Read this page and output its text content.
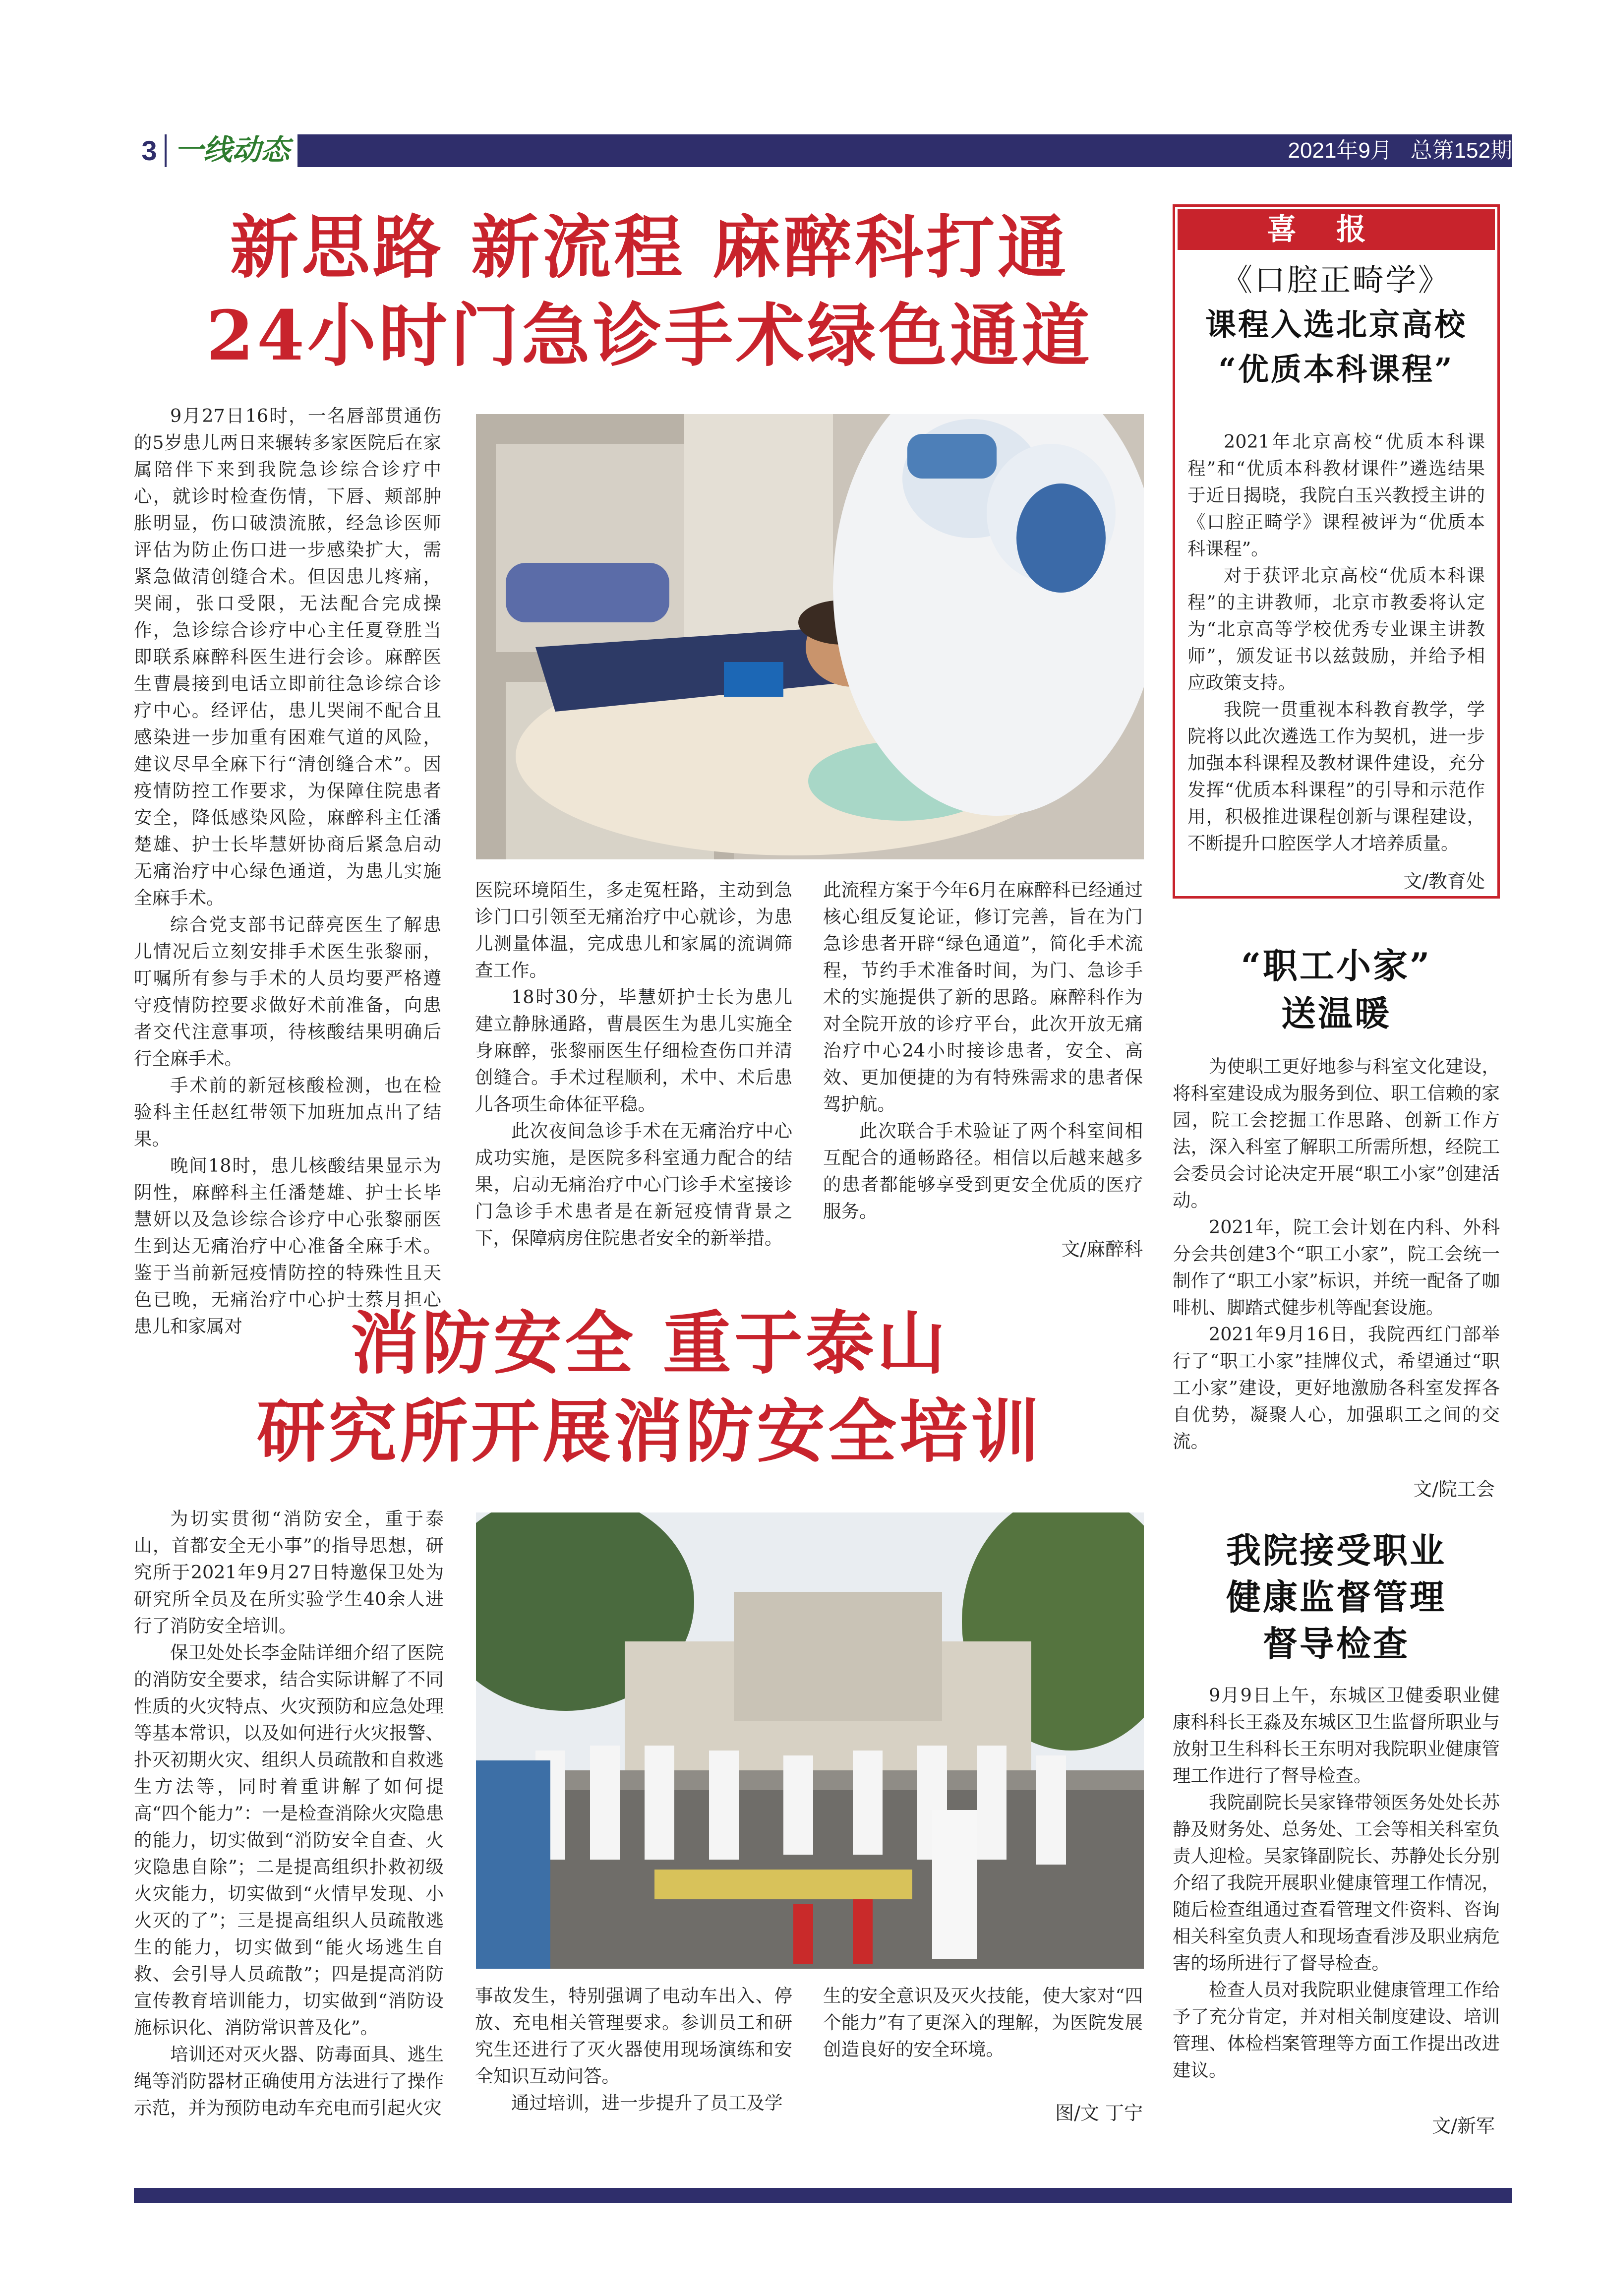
3 一线动态	2021年9月   总第152期
新思路 新流程 麻醉科打通
24小时门急诊手术绿色通道

9月27日16时，一名唇部贯通伤的5岁患儿两日来辗转多家医院后在家属陪伴下来到我院急诊综合诊疗中心，就诊时检查伤情，下唇、颊部肿胀明显，伤口破溃流脓，经急诊医师评估为防止伤口进一步感染扩大，需紧急做清创缝合术。但因患儿疼痛，哭闹，张口受限，无法配合完成操作，急诊综合诊疗中心主任夏登胜当即联系麻醉科医生进行会诊。麻醉医生曹晨接到电话立即前往急诊综合诊疗中心。经评估，患儿哭闹不配合且感染进一步加重有困难气道的风险，建议尽早全麻下行“清创缝合术”。因疫情防控工作要求，为保障住院患者安全，降低感染风险，麻醉科主任潘楚雄、护士长毕慧妍协商后紧急启动无痛治疗中心绿色通道，为患儿实施全麻手术。

综合党支部书记薛亮医生了解患儿情况后立刻安排手术医生张黎丽，叮嘱所有参与手术的人员均要严格遵守疫情防控要求做好术前准备，向患者交代注意事项，待核酸结果明确后行全麻手术。

手术前的新冠核酸检测，也在检验科主任赵红带领下加班加点出了结果。

晚间18时，患儿核酸结果显示为阴性，麻醉科主任潘楚雄、护士长毕慧妍以及急诊综合诊疗中心张黎丽医生到达无痛治疗中心准备全麻手术。鉴于当前新冠疫情防控的特殊性且天色已晚，无痛治疗中心护士蔡月担心患儿和家属对

医院环境陌生，多走冤枉路，主动到急诊门口引领至无痛治疗中心就诊，为患儿测量体温，完成患儿和家属的流调筛查工作。

18时30分，毕慧妍护士长为患儿建立静脉通路，曹晨医生为患儿实施全身麻醉，张黎丽医生仔细检查伤口并清创缝合。手术过程顺利，术中、术后患儿各项生命体征平稳。

此次夜间急诊手术在无痛治疗中心成功实施，是医院多科室通力配合的结果，启动无痛治疗中心门诊手术室接诊门急诊手术患者是在新冠疫情背景之下，保障病房住院患者安全的新举措。

此流程方案于今年6月在麻醉科已经通过核心组反复论证，修订完善，旨在为门急诊患者开辟“绿色通道”，简化手术流程，节约手术准备时间，为门、急诊手术的实施提供了新的思路。麻醉科作为对全院开放的诊疗平台，此次开放无痛治疗中心24小时接诊患者，安全、高效、更加便捷的为有特殊需求的患者保驾护航。

此次联合手术验证了两个科室间相互配合的通畅路径。相信以后越来越多的患者都能够享受到更安全优质的医疗服务。

文/麻醉科
消防安全 重于泰山
研究所开展消防安全培训

为切实贯彻“消防安全，重于泰山，首都安全无小事”的指导思想，研究所于2021年9月27日特邀保卫处为研究所全员及在所实验学生40余人进行了消防安全培训。

保卫处处长李金陆详细介绍了医院的消防安全要求，结合实际讲解了不同性质的火灾特点、火灾预防和应急处理等基本常识，以及如何进行火灾报警、扑灭初期火灾、组织人员疏散和自救逃生方法等，同时着重讲解了如何提高“四个能力”：一是检查消除火灾隐患的能力，切实做到“消防安全自查、火灾隐患自除”；二是提高组织扑救初级火灾能力，切实做到“火情早发现、小火灭的了”；三是提高组织人员疏散逃生的能力，切实做到“能火场逃生自救、会引导人员疏散”；四是提高消防宣传教育培训能力，切实做到“消防设施标识化、消防常识普及化”。

培训还对灭火器、防毒面具、逃生绳等消防器材正确使用方法进行了操作示范，并为预防电动车充电而引起火灾

事故发生，特别强调了电动车出入、停放、充电相关管理要求。参训员工和研究生还进行了灭火器使用现场演练和安全知识互动问答。

通过培训，进一步提升了员工及学

生的安全意识及灭火技能，使大家对“四个能力”有了更深入的理解，为医院发展创造良好的安全环境。

图/文 丁宁
喜报
《口腔正畸学》
课程入选北京高校
“优质本科课程”

2021年北京高校“优质本科课程”和“优质本科教材课件”遴选结果于近日揭晓，我院白玉兴教授主讲的《口腔正畸学》课程被评为“优质本科课程”。

对于获评北京高校“优质本科课程”的主讲教师，北京市教委将认定为“北京高等学校优秀专业课主讲教师”，颁发证书以兹鼓励，并给予相应政策支持。

我院一贯重视本科教育教学，学院将以此次遴选工作为契机，进一步加强本科课程及教材课件建设，充分发挥“优质本科课程”的引导和示范作用，积极推进课程创新与课程建设，不断提升口腔医学人才培养质量。

文/教育处
“职工小家”
送温暖

为使职工更好地参与科室文化建设，将科室建设成为服务到位、职工信赖的家园，院工会挖掘工作思路、创新工作方法，深入科室了解职工所需所想，经院工会委员会讨论决定开展“职工小家”创建活动。

2021年，院工会计划在内科、外科分会共创建3个“职工小家”，院工会统一制作了“职工小家”标识，并统一配备了咖啡机、脚踏式健步机等配套设施。

2021年9月16日，我院西红门部举行了“职工小家”挂牌仪式，希望通过“职工小家”建设，更好地激励各科室发挥各自优势，凝聚人心，加强职工之间的交流。

文/院工会
我院接受职业
健康监督管理
督导检查

9月9日上午，东城区卫健委职业健康科科长王淼及东城区卫生监督所职业与放射卫生科科长王东明对我院职业健康管理工作进行了督导检查。

我院副院长吴家锋带领医务处处长苏静及财务处、总务处、工会等相关科室负责人迎检。吴家锋副院长、苏静处长分别介绍了我院开展职业健康管理工作情况，随后检查组通过查看管理文件资料、咨询相关科室负责人和现场查看涉及职业病危害的场所进行了督导检查。

检查人员对我院职业健康管理工作给予了充分肯定，并对相关制度建设、培训管理、体检档案管理等方面工作提出改进建议。

文/新军
